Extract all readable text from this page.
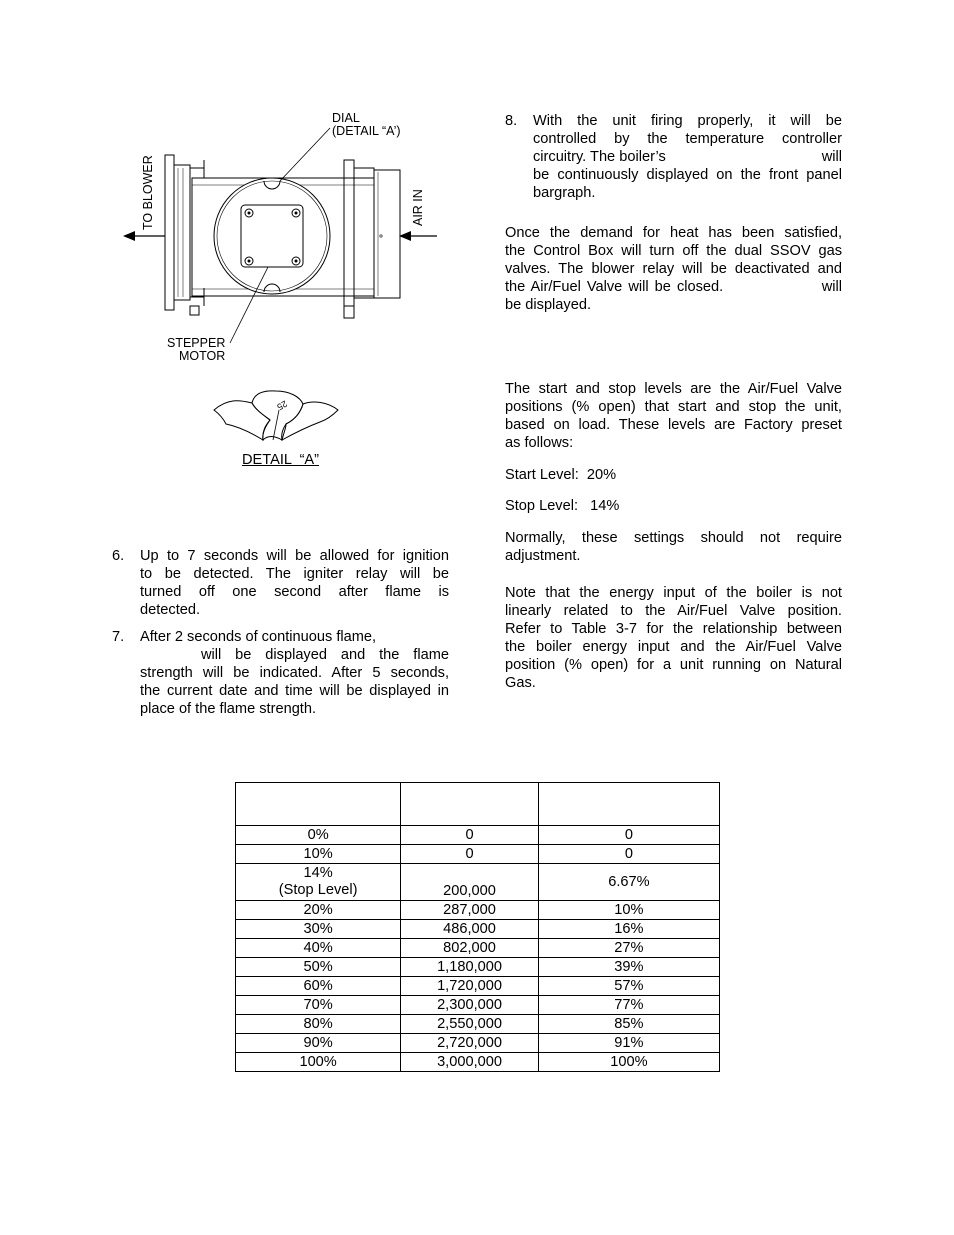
DIAL
(DETAIL “A’)
TO BLOWER	AIR IN
STEPPER
MOTOR
25
DETAIL  “A”
6. Up to 7 seconds will be allowed for ignition
to be detected. The igniter relay will be
turned off one second after flame is
detected.
7. After 2 seconds of continuous flame,
will be displayed and the flame
strength will be indicated. After 5 seconds,
the current date and time will be displayed in
place of the flame strength.
8. With the unit firing properly, it will be
controlled by the temperature controller
circuitry. The boiler’s	will
be continuously displayed on the front panel
bargraph.
Once the demand for heat has been satisfied,
the Control Box will turn off the dual SSOV gas
valves. The blower relay will be deactivated and
the Air/Fuel Valve will be closed.	will
be displayed.
The start and stop levels are the Air/Fuel Valve
positions (% open) that start and stop the unit,
based on load. These levels are Factory preset
as follows:
Start Level:  20%
Stop Level:   14%
Normally, these settings should not require
adjustment.
Note that the energy input of the boiler is not
linearly related to the Air/Fuel Valve position.
Refer to Table 3-7 for the relationship between
the boiler energy input and the Air/Fuel Valve
position (% open) for a unit running on Natural
Gas.

0%	0	0
10%	0	0

14%
(Stop Level)	200,000	6.67%
20%	287,000	10%
30%	486,000	16%
40%	802,000	27%
50%	1,180,000	39%
60%	1,720,000	57%
70%	2,300,000	77%
80%	2,550,000	85%
90%	2,720,000	91%
100%	3,000,000	100%
